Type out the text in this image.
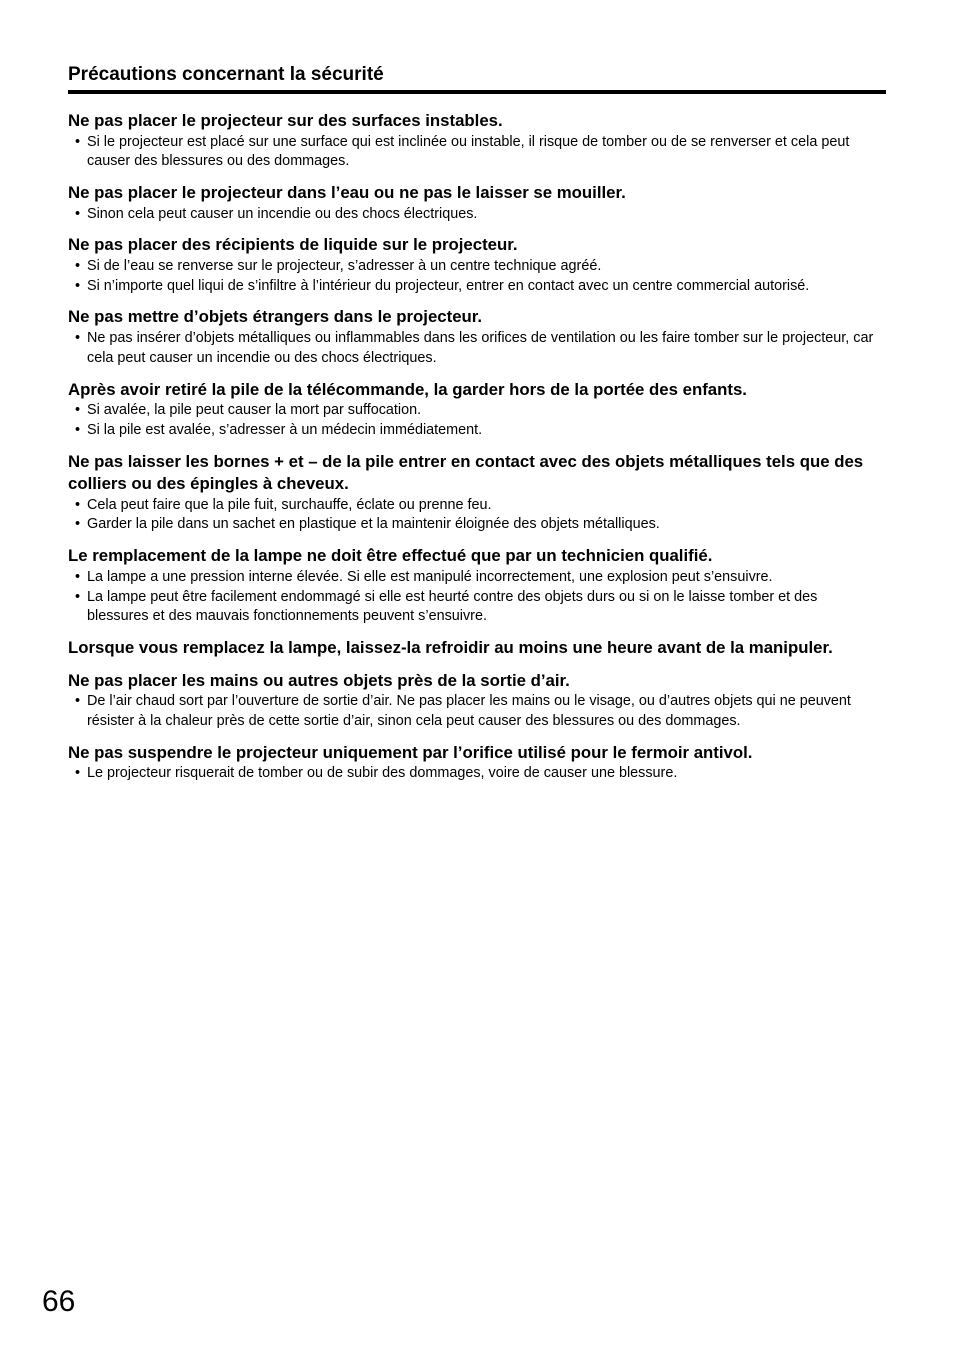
Précautions concernant la sécurité
Ne pas placer le projecteur sur des surfaces instables.
• Si le projecteur est placé sur une surface qui est inclinée ou instable, il risque de tomber ou de se renverser et cela peut causer des blessures ou des dommages.
Ne pas placer le projecteur dans l’eau ou ne pas le laisser se mouiller.
• Sinon cela peut causer un incendie ou des chocs électriques.
Ne pas placer des récipients de liquide sur le projecteur.
• Si de l’eau se renverse sur le projecteur, s’adresser à un centre technique agréé.
• Si n’importe quel liqui de s’infiltre à l’intérieur du projecteur, entrer en contact avec un centre commercial autorisé.
Ne pas mettre d’objets étrangers dans le projecteur.
• Ne pas insérer d’objets métalliques ou inflammables dans les orifices de ventilation ou les faire tomber sur le projecteur, car cela peut causer un incendie ou des chocs électriques.
Après avoir retiré la pile de la télécommande, la garder hors de la portée des enfants.
• Si avalée, la pile peut causer la mort par suffocation.
• Si la pile est avalée, s’adresser à un médecin immédiatement.
Ne pas laisser les bornes + et – de la pile entrer en contact avec des objets métalliques tels que des colliers ou des épingles à cheveux.
• Cela peut faire que la pile fuit, surchauffe, éclate ou prenne feu.
• Garder la pile dans un sachet en plastique et la maintenir éloignée des objets métalliques.
Le remplacement de la lampe ne doit être effectué que par un technicien qualifié.
• La lampe a une pression interne élevée. Si elle est manipulé incorrectement, une explosion peut s’ensuivre.
• La lampe peut être facilement endommagé si elle est heurté contre des objets durs ou si on le laisse tomber et des blessures et des mauvais fonctionnements peuvent s’ensuivre.
Lorsque vous remplacez la lampe, laissez-la refroidir au moins une heure avant de la manipuler.
Ne pas placer les mains ou autres objets près de la sortie d’air.
• De l’air chaud sort par l’ouverture de sortie d’air. Ne pas placer les mains ou le visage, ou d’autres objets qui ne peuvent résister à la chaleur près de cette sortie d’air, sinon cela peut causer des blessures ou des dommages.
Ne pas suspendre le projecteur uniquement par l’orifice utilisé pour le fermoir antivol.
• Le projecteur risquerait de tomber ou de subir des dommages, voire de causer une blessure.
66
